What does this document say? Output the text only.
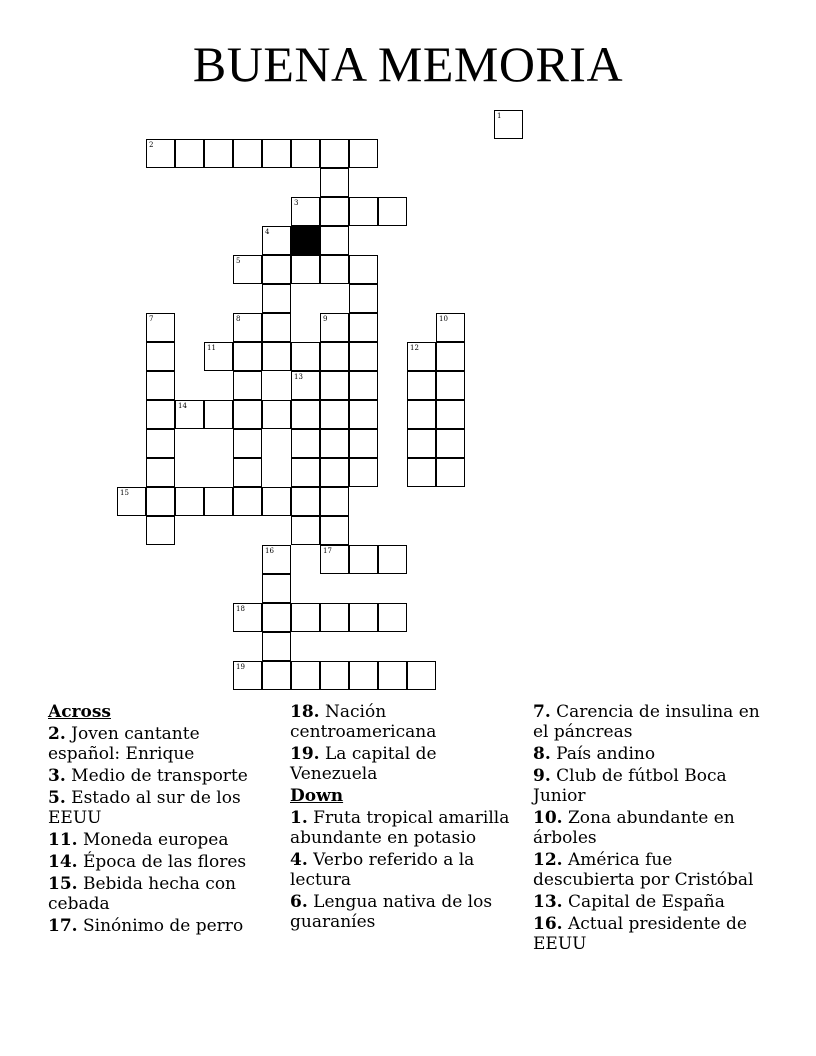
BUENA MEMORIA
1
2
3
4
5
7	8	9	10
11	12
13
14
15
16	17
18
19
Across
2. Joven cantante español: Enrique
3. Medio de transporte
5. Estado al sur de los EEUU
11. Moneda europea
14. Época de las flores
15. Bebida hecha con cebada
17. Sinónimo de perro
18. Nación centroamericana
19. La capital de Venezuela
Down
1. Fruta tropical amarilla abundante en potasio
4. Verbo referido a la lectura
6. Lengua nativa de los guaraníes
7. Carencia de insulina en el páncreas
8. País andino
9. Club de fútbol Boca Junior
10. Zona abundante en árboles
12. América fue descubierta por Cristóbal
13. Capital de España
16. Actual presidente de EEUU
